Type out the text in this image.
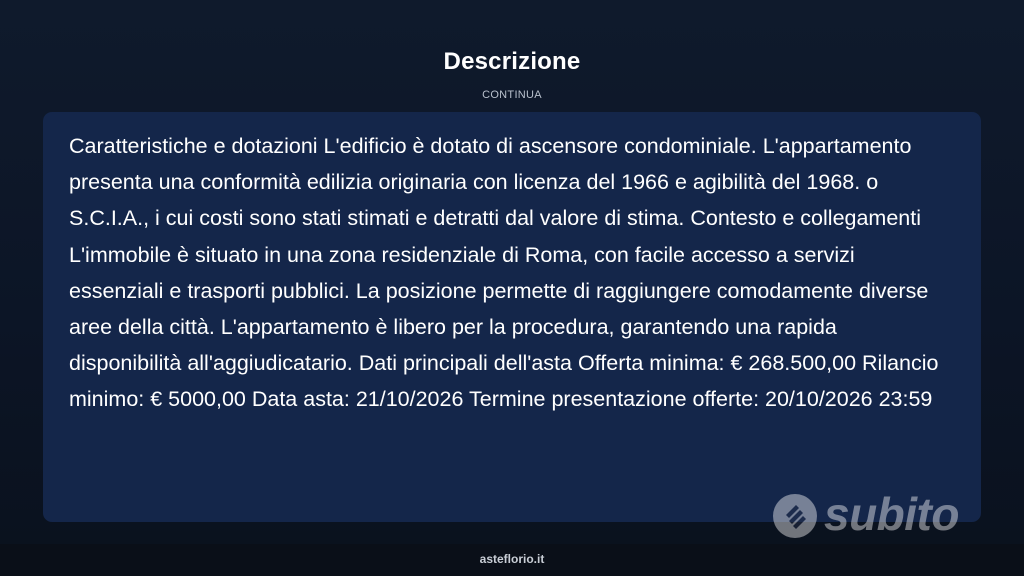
Descrizione
CONTINUA

Caratteristiche e dotazioni L'edificio è dotato di ascensore condominiale. L'appartamento presenta una conformità edilizia originaria con licenza del 1966 e agibilità del 1968. o S.C.I.A., i cui costi sono stati stimati e detratti dal valore di stima. Contesto e collegamenti L'immobile è situato in una zona residenziale di Roma, con facile accesso a servizi essenziali e trasporti pubblici. La posizione permette di raggiungere comodamente diverse aree della città. L'appartamento è libero per la procedura, garantendo una rapida disponibilità all'aggiudicatario. Dati principali dell'asta Offerta minima: € 268.500,00 Rilancio minimo: € 5000,00 Data asta: 21/10/2026 Termine presentazione offerte: 20/10/2026 23:59

subito
asteflorio.it
